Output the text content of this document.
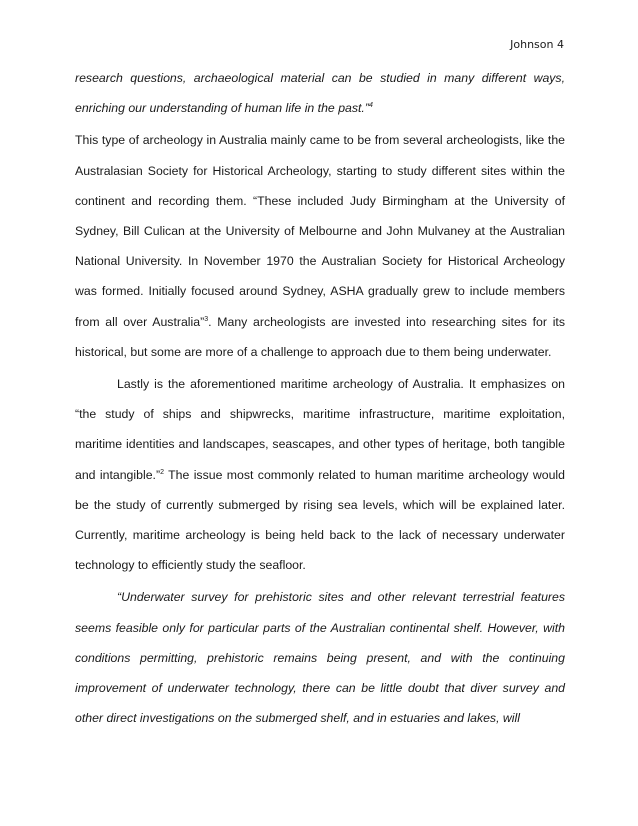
Johnson 4

research questions, archaeological material can be studied in many different ways, enriching our understanding of human life in the past.”$^4$

This type of archeology in Australia mainly came to be from several archeologists, like the Australasian Society for Historical Archeology, starting to study different sites within the continent and recording them. “These included Judy Birmingham at the University of Sydney, Bill Culican at the University of Melbourne and John Mulvaney at the Australian National University. In November 1970 the Australian Society for Historical Archeology was formed. Initially focused around Sydney, ASHA gradually grew to include members from all over Australia”$^3$. Many archeologists are invested into researching sites for its historical, but some are more of a challenge to approach due to them being underwater.

Lastly is the aforementioned maritime archeology of Australia. It emphasizes on “the study of ships and shipwrecks, maritime infrastructure, maritime exploitation, maritime identities and landscapes, seascapes, and other types of heritage, both tangible and intangible.”$^2$ The issue most commonly related to human maritime archeology would be the study of currently submerged by rising sea levels, which will be explained later. Currently, maritime archeology is being held back to the lack of necessary underwater technology to efficiently study the seafloor.

“Underwater survey for prehistoric sites and other relevant terrestrial features seems feasible only for particular parts of the Australian continental shelf. However, with conditions permitting, prehistoric remains being present, and with the continuing improvement of underwater technology, there can be little doubt that diver survey and other direct investigations on the submerged shelf, and in estuaries and lakes, will
